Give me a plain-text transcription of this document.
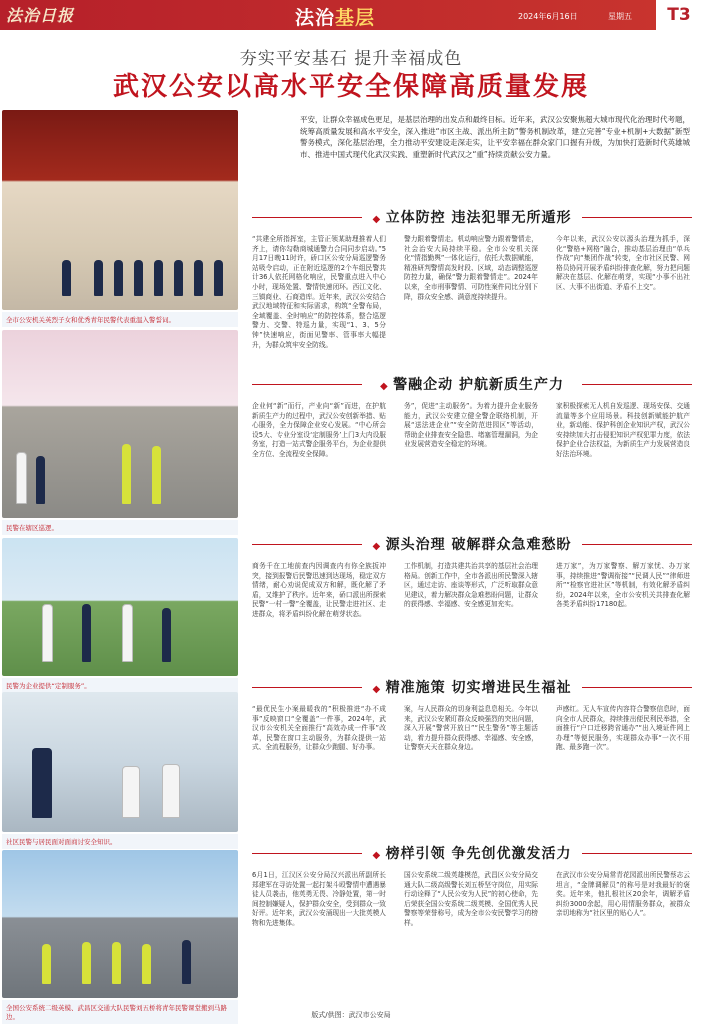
法治日报	法治基层	2024年6月16日	星期五	T3
夯实平安基石 提升幸福成色
武汉公安以高水平安全保障高质量发展
平安，让群众幸福成色更足，是基层治理的出发点和最终目标。近年来，武汉公安聚焦超大城市现代化治理时代考题，统筹高质量发展和高水平安全，深入推进“市区主战、派出所主防”警务机制改革，建立完善“专业+机制+大数据”新型警务模式，深化基层治理，全力推动平安建设走深走实，让平安幸福在群众家门口握有升级，为加快打造新时代英雄城市、推进中国式现代化武汉实践、重塑新时代武汉之“重”持续贡献公安力量。
全市公安机关英烈子女和优秀青年民警代表重温入警誓词。
民警在辖区巡逻。
民警为企业提供“定制服务”。
社区民警与居民面对面商讨安全知识。
全国公安系统二级英模、武昌区交通大队民警刘五桥将青年民警课堂搬到马路边。
◆ 立体防控 违法犯罪无所遁形
“共建全所指挥室，主管正领某助理推着人们齐上，请你勾勒商城通警力合同同步启动。”5月17日晚11时许，硚口区公安分局巡逻警务站吸令启动，正在附近巡逻的2个车组民警共计36人依托网格化响应，民警重点进入中心小时，现场处置、警情快速闭环。西江文化、三镇商业、石商造库。近年来，武汉公安结合武汉地域特征和实际需求，构筑“全警布局，全域覆盖、全时响应”的防控体系，整合巡逻警力、交警、特巡力量，实现“1、3、5分钟”快速响应，街面见警率、管事率大幅提升，为群众筑牢安全防线。
警力跟着警情走。机动响应警力跟着警情走，社会治安大局持续平稳。全市公安机关深化“情指勤舆”一体化运行，依托大数据赋能，精准研判警情高发时段、区域，动态调整巡逻防控力量，确保“警力跟着警情走”。2024年以来，全市刑事警情、可防性案件同比分别下降，群众安全感、满意度持续提升。
今年以来，武汉公安以源头治理为抓手，深化“警格+网格”融合，推动基层治理由“单兵作战”向“集团作战”转变，全市社区民警、网格员协同开展矛盾纠纷排查化解，努力把问题解决在基层、化解在萌芽，实现“小事不出社区、大事不出街道、矛盾不上交”。
◆ 警融企动 护航新质生产力
企业何“新”而行，产业向“新”而进，在护航新质生产力的过程中，武汉公安创新举措、贴心服务，全力保障企业安心发展。“中心所会设5大、专业分室设‘定制服务’上门3大内设服务室，打造一站式警企服务平台，为企业提供全方位、全流程安全保障。
务”，促进“主动服务”。为着力提升企业服务能力，武汉公安建立健全警企联络机制，开展“送法进企业”“安全防范进园区”等活动，帮助企业排查安全隐患、堵塞管理漏洞，为企业发展营造安全稳定的环境。
家积极探索无人机自发巡逻、现场安保、交通流量等多个应用场景。科技创新赋能护航产业，新动能、保护科创企业知识产权，武汉公安持续加大打击侵犯知识产权犯罪力度，依法保护企业合法权益，为新质生产力发展营造良好法治环境。
◆ 源头治理 破解群众急难愁盼
商务千在工地前查内因调查内有你全族扳冲突，接到报警后民警迅速到达现场，稳定双方情绪，耐心劝说促成双方和解，既化解了矛盾，又维护了秩序。近年来，硚口派出所探索民警“一村一警”全覆盖，让民警走进社区、走进群众，将矛盾纠纷化解在萌芽状态。
工作机制，打造共建共治共享的基层社会治理格局。创新工作中，全市各派出所民警深入辖区，通过走访、座谈等形式，广泛听取群众意见建议，着力解决群众急难愁盼问题，让群众的获得感、幸福感、安全感更加充实。
进万家”，为万家警察、解万家忧、办万家事，持续推进“警调衔接”“民调人民”“律师进所”“检察官进社区”等机制，有效化解矛盾纠纷，2024年以来，全市公安机关共排查化解各类矛盾纠纷17180起。
◆ 精准施策 切实增进民生福祉
“最优民生小案最暖我的”积极推进“办不成事”反映窗口“全覆盖”一件事，2024年，武汉市公安机关全面推行“高效办成一件事”改革，民警在窗口主动服务，为群众提供一站式、全流程服务，让群众少跑腿、好办事。
案，与人民群众的切身利益息息相关。今年以来，武汉公安紧盯群众反映强烈的突出问题，深入开展“警营开放日”“民生警务”等主题活动，着力提升群众获得感、幸福感、安全感，让警察天天在群众身边。
声感红。无人车宣传内容符合警察信息时，面向全市人民群众，持续推出便民利民举措，全面推行“户口迁移跨省通办”“出入境证件网上办理”等便民服务，实现群众办事“一次不用跑、最多跑一次”。
◆ 榜样引领 争先创优激发活力
6月1日，江汉区公安分局汉兴派出所副所长郑建军在寻访处置一起打架斗殴警情中遭遇暴徒人员袭击，他英勇无畏、冷静处置，第一时间控制嫌疑人，保护群众安全，受到群众一致好评。近年来，武汉公安涌现出一大批英模人物和先进集体。
国公安系统二级英雄模范，武昌区公安分局交通大队二级高级警长刘五桥坚守岗位，用实际行动诠释了“人民公安为人民”的初心使命，先后荣获全国公安系统二级英模、全国优秀人民警察等荣誉称号，成为全市公安民警学习的榜样。
在武汉市公安分局常青花园派出所民警蔡志云坦言，“金牌调解员”的称号是对我最好的褒奖。近年来，他扎根社区20余年，调解矛盾纠纷3000余起，用心用情服务群众，被群众亲切地称为“社区里的贴心人”。
版式/供图：武汉市公安局
